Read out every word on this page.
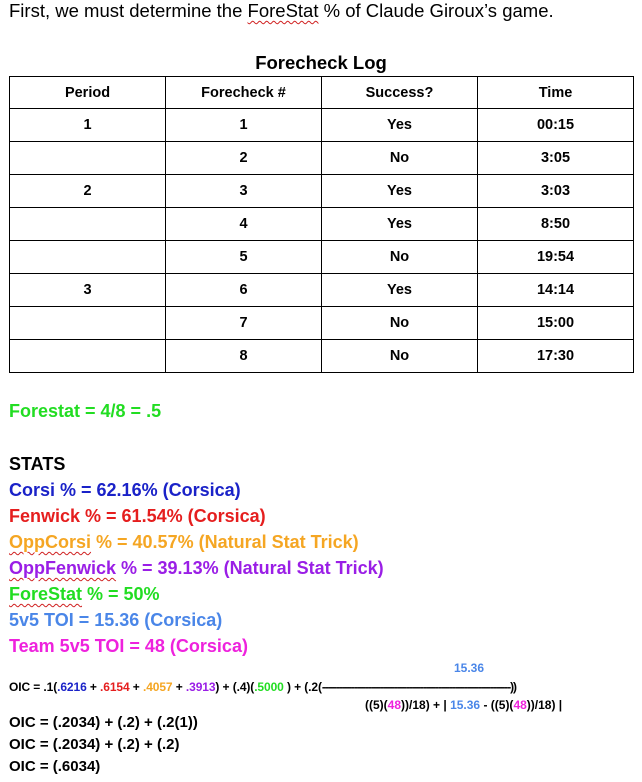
First, we must determine the ForeStat % of Claude Giroux’s game.
Forecheck Log
Period	Forecheck #	Success?	Time
1	1	Yes	00:15
	2	No	3:05
2	3	Yes	3:03
	4	Yes	8:50
	5	No	19:54
3	6	Yes	14:14
	7	No	15:00
	8	No	17:30
Forestat = 4/8 = .5
STATS
Corsi % = 62.16% (Corsica)
Fenwick % = 61.54% (Corsica)
OppCorsi % = 40.57% (Natural Stat Trick)
OppFenwick % = 39.13% (Natural Stat Trick)
ForeStat % = 50%
5v5 TOI = 15.36 (Corsica)
Team 5v5 TOI = 48 (Corsica)
15.36
OIC = .1(.6216 + .6154 + .4057 + .3913) + (.4)(.5000 ) + (.2(-----------------------------------------------------------------))
((5)(48))/18) + | 15.36 - ((5)(48))/18) |
OIC = (.2034) + (.2) + (.2(1))
OIC = (.2034) + (.2) + (.2)
OIC = (.6034)
